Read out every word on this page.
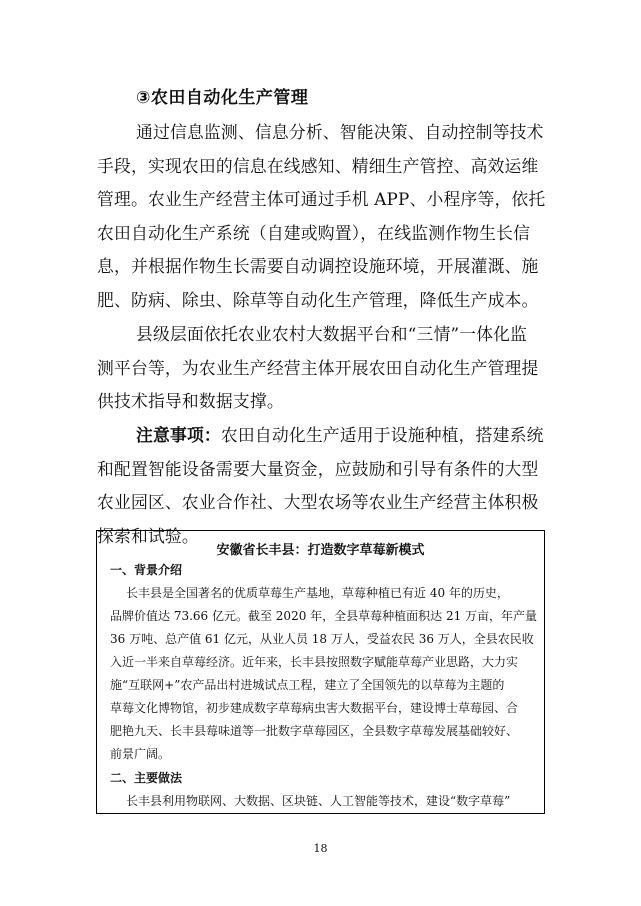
③农田自动化生产管理
通过信息监测、信息分析、智能决策、自动控制等技术
手段，实现农田的信息在线感知、精细生产管控、高效运维
管理。农业生产经营主体可通过手机 APP、小程序等，依托
农田自动化生产系统（自建或购置），在线监测作物生长信
息，并根据作物生长需要自动调控设施环境，开展灌溉、施
肥、防病、除虫、除草等自动化生产管理，降低生产成本。
县级层面依托农业农村大数据平台和“三情”一体化监
测平台等，为农业生产经营主体开展农田自动化生产管理提
供技术指导和数据支撑。
注意事项：农田自动化生产适用于设施种植，搭建系统
和配置智能设备需要大量资金，应鼓励和引导有条件的大型
农业园区、农业合作社、大型农场等农业生产经营主体积极
安徽省长丰县：打造数字草莓新模式
一、背景介绍
长丰县是全国著名的优质草莓生产基地，草莓种植已有近 40 年的历史，
品牌价值达 73.66 亿元。截至 2020 年，全县草莓种植面积达 21 万亩，年产量
36 万吨、总产值 61 亿元，从业人员 18 万人，受益农民 36 万人，全县农民收
入近一半来自草莓经济。近年来，长丰县按照数字赋能草莓产业思路，大力实
施“互联网+”农产品出村进城试点工程，建立了全国领先的以草莓为主题的
草莓文化博物馆，初步建成数字草莓病虫害大数据平台，建设博士草莓园、合
肥艳九天、长丰县莓味道等一批数字草莓园区，全县数字草莓发展基础较好、
前景广阔。
二、主要做法
长丰县利用物联网、大数据、区块链、人工智能等技术，建设“数字草莓”
18
探索和试验。
